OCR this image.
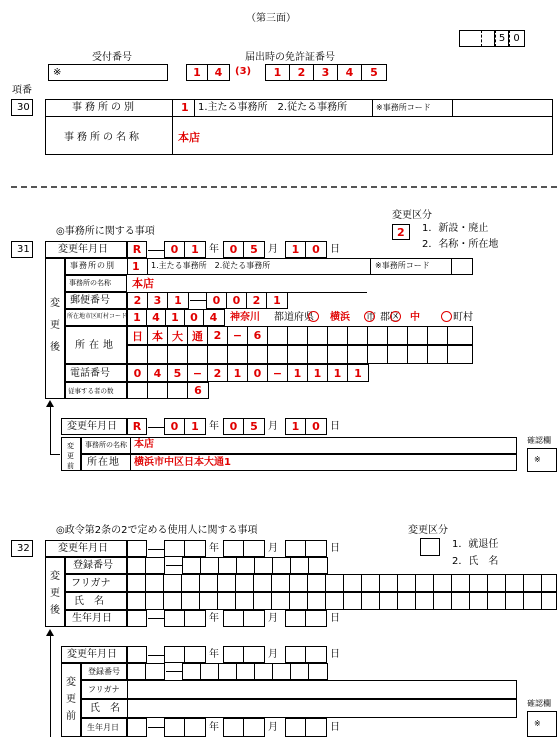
（第三面）
5 0
受付番号
※
届出時の免許証番号
1	4	(3)	1	2	3	4	5
項番
30	事務所の別	1 1.主たる事務所　2.従たる事務所	※事務所コード
事務所の名称	本店
変更区分
2 1．新設・廃止
2．名称・所在地
◎事務所に関する事項
31	変更年月日	R	0	1	年 0	5	月	1	0	日
変更後
事務所の別 1 1.主たる事務所　2.従たる事務所	※事務所コード
事務所の名称 本店
郵便番号	2	3	1	0	0	2	1
所在地市区町村コード 1	4	1	0	4	神奈川 都道府県 横浜 市 郡区 中	町村
所在地
日 本 大 通 2	−	6
電話番号	0	4	5	−	2	1	0	−	1	1	1	1
従事する者の数	6
変更年月日	R	0	1	年 0	5	月	1	0	日
変更前
事務所の名称 本店
所在地 横浜市中区日本大通1
確認欄
※
◎政令第2条の2で定める使用人に関する事項	変更区分
1．就退任
2．氏　名
32	変更年月日	年	月	日
変更後
登録番号
フリガナ
氏　名
生年月日	年	月	日
変更年月日	年	月	日
変更前
登録番号
フリガナ
氏　名
生年月日	年	月	日
確認欄
※
